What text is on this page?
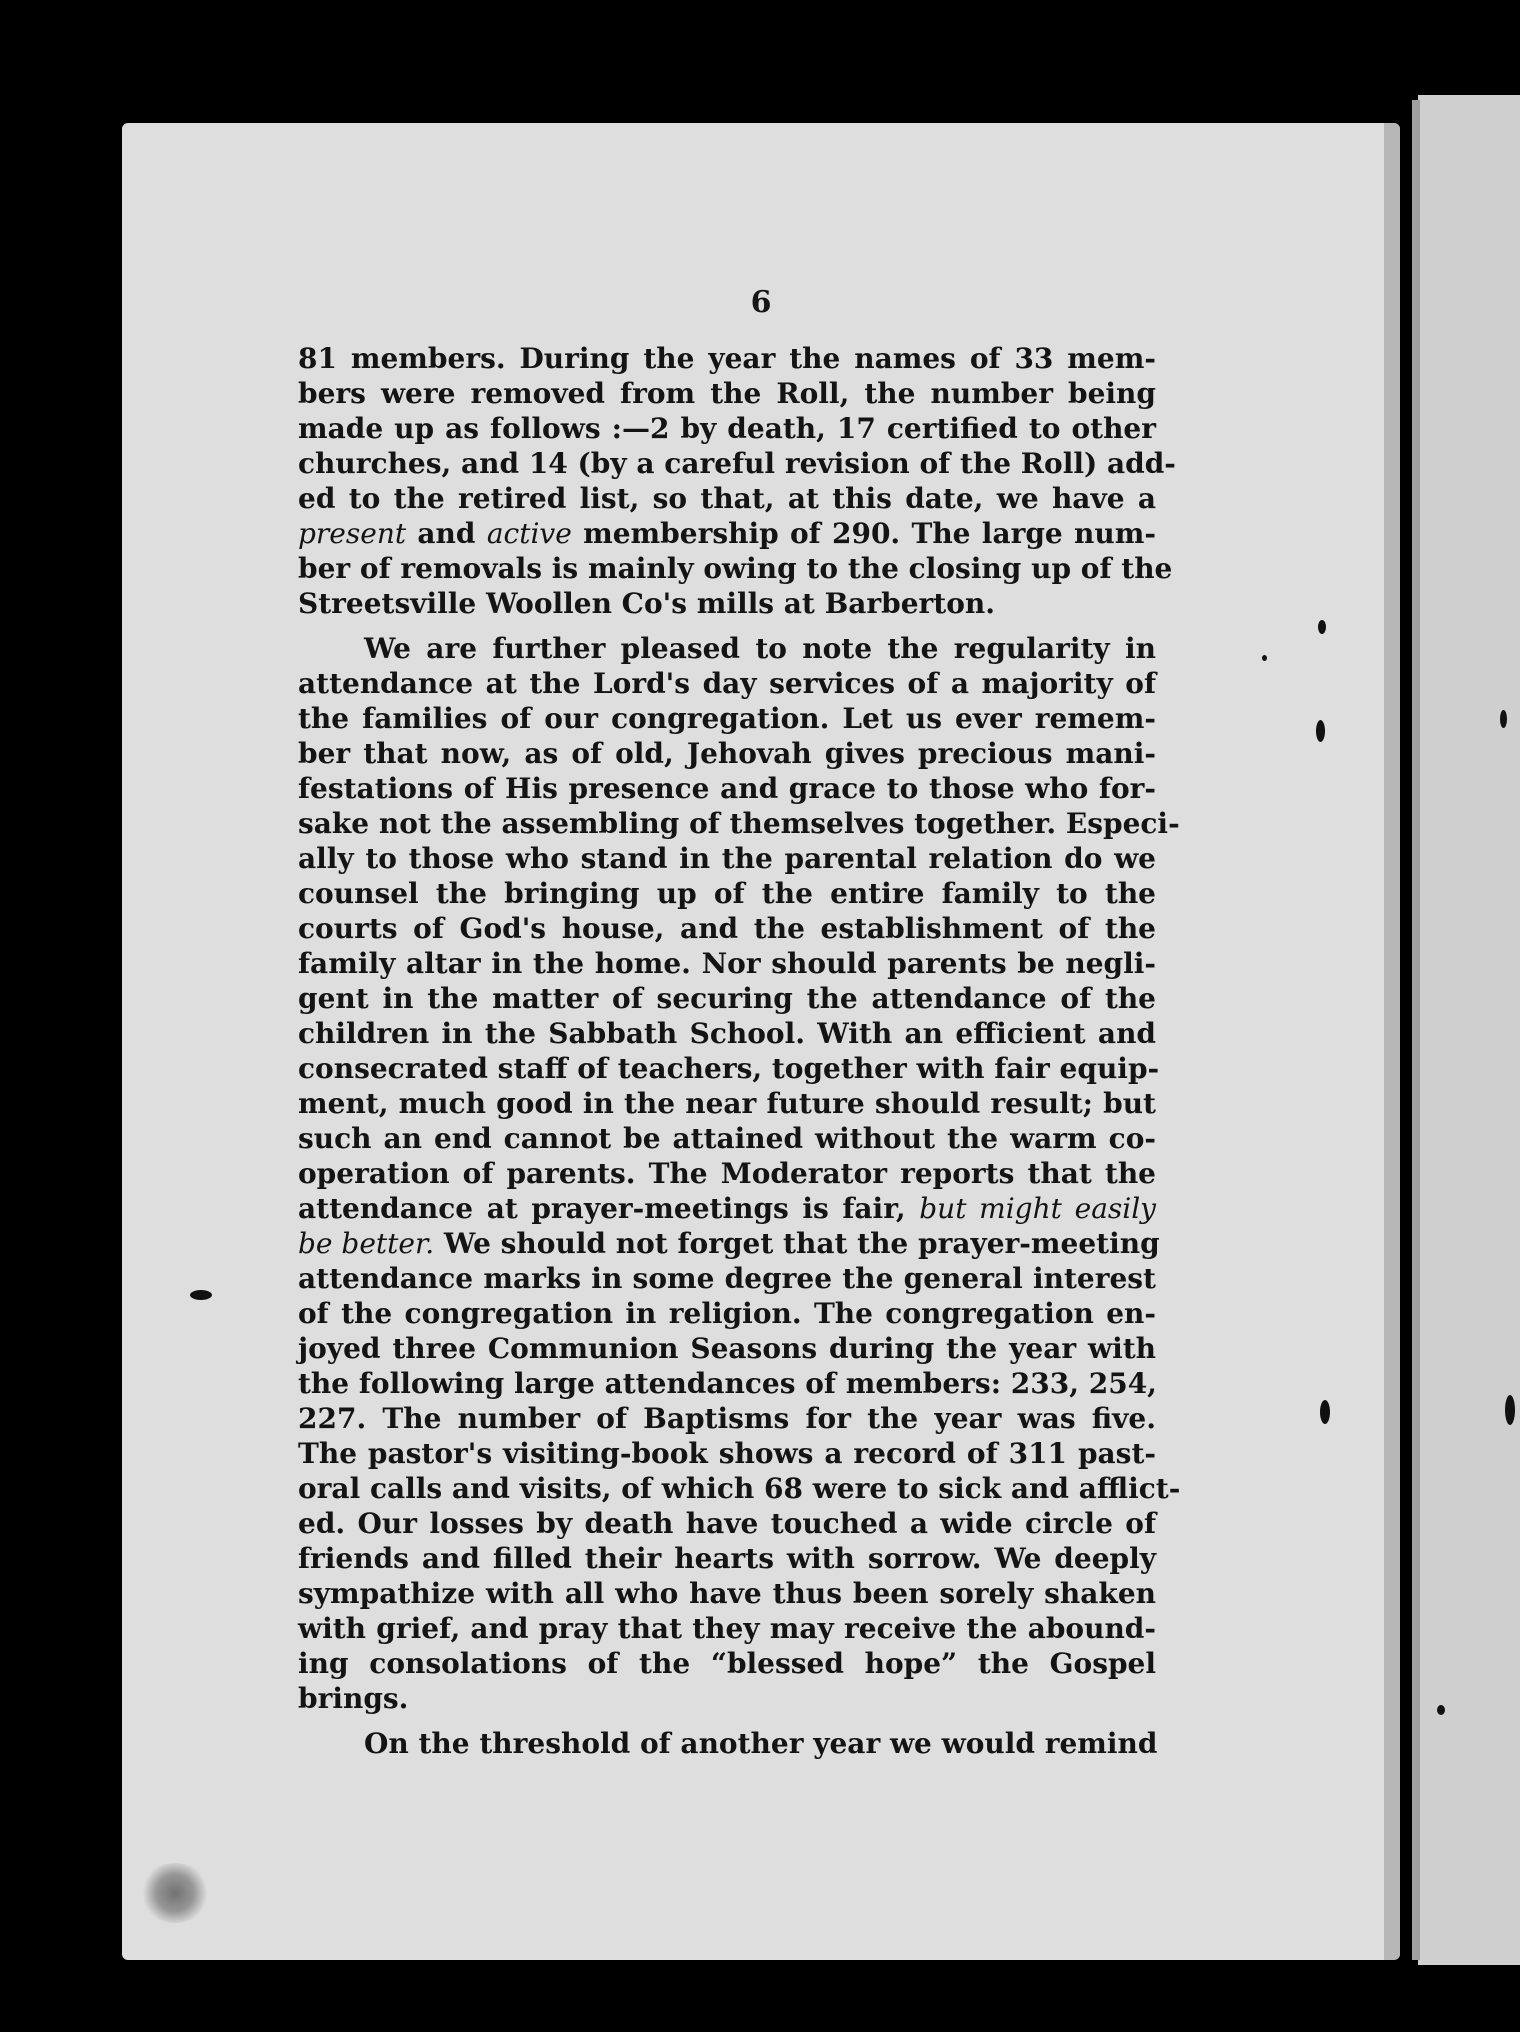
6
81 members. During the year the names of 33 mem-
bers were removed from the Roll, the number being
made up as follows :—2 by death, 17 certified to other
churches, and 14 (by a careful revision of the Roll) add-
ed to the retired list, so that, at this date, we have a
present and active membership of 290. The large num-
ber of removals is mainly owing to the closing up of the
Streetsville Woollen Co's mills at Barberton.
We are further pleased to note the regularity in
attendance at the Lord's day services of a majority of
the families of our congregation. Let us ever remem-
ber that now, as of old, Jehovah gives precious mani-
festations of His presence and grace to those who for-
sake not the assembling of themselves together. Especi-
ally to those who stand in the parental relation do we
counsel the bringing up of the entire family to the
courts of God's house, and the establishment of the
family altar in the home. Nor should parents be negli-
gent in the matter of securing the attendance of the
children in the Sabbath School. With an efficient and
consecrated staff of teachers, together with fair equip-
ment, much good in the near future should result; but
such an end cannot be attained without the warm co-
operation of parents. The Moderator reports that the
attendance at prayer-meetings is fair, but might easily
be better. We should not forget that the prayer-meeting
attendance marks in some degree the general interest
of the congregation in religion. The congregation en-
joyed three Communion Seasons during the year with
the following large attendances of members: 233, 254,
227. The number of Baptisms for the year was five.
The pastor's visiting-book shows a record of 311 past-
oral calls and visits, of which 68 were to sick and afflict-
ed. Our losses by death have touched a wide circle of
friends and filled their hearts with sorrow. We deeply
sympathize with all who have thus been sorely shaken
with grief, and pray that they may receive the abound-
ing consolations of the “blessed hope” the Gospel
brings.
On the threshold of another year we would remind
